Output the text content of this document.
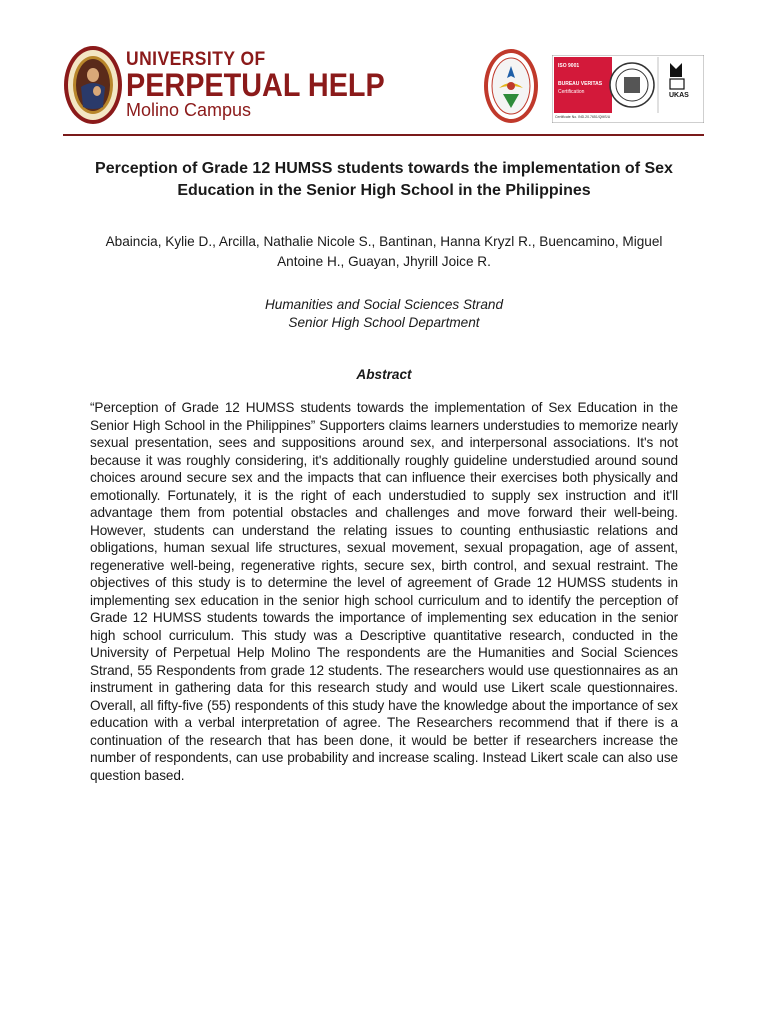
UNIVERSITY OF
PERPETUAL HELP
Molino Campus
ISO 9001
BUREAU VERITAS
Certification	UKAS
Certificate No. IND.20.7651/QMS/U
Perception of Grade 12 HUMSS students towards the implementation of Sex Education in the Senior High School in the Philippines
Abaincia, Kylie D., Arcilla, Nathalie Nicole S., Bantinan, Hanna Kryzl R., Buencamino, Miguel Antoine H., Guayan, Jhyrill Joice R.
Humanities and Social Sciences Strand
Senior High School Department
Abstract
“Perception of Grade 12 HUMSS students towards the implementation of Sex Education in the Senior High School in the Philippines” Supporters claims learners understudies to memorize nearly sexual presentation, sees and suppositions around sex, and interpersonal associations. It's not because it was roughly considering, it's additionally roughly guideline understudied around sound choices around secure sex and the impacts that can influence their exercises both physically and emotionally. Fortunately, it is the right of each understudied to supply sex instruction and it'll advantage them from potential obstacles and challenges and move forward their well-being. However, students can understand the relating issues to counting enthusiastic relations and obligations, human sexual life structures, sexual movement, sexual propagation, age of assent, regenerative well-being, regenerative rights, secure sex, birth control, and sexual restraint. The objectives of this study is to determine the level of agreement of Grade 12 HUMSS students in implementing sex education in the senior high school curriculum and to identify the perception of Grade 12 HUMSS students towards the importance of implementing sex education in the senior high school curriculum. This study was a Descriptive quantitative research, conducted in the University of Perpetual Help Molino The respondents are the Humanities and Social Sciences Strand, 55 Respondents from grade 12 students. The researchers would use questionnaires as an instrument in gathering data for this research study and would use Likert scale questionnaires. Overall, all fifty-five (55) respondents of this study have the knowledge about the importance of sex education with a verbal interpretation of agree. The Researchers recommend that if there is a continuation of the research that has been done, it would be better if researchers increase the number of respondents, can use probability and increase scaling. Instead Likert scale can also use question based.
